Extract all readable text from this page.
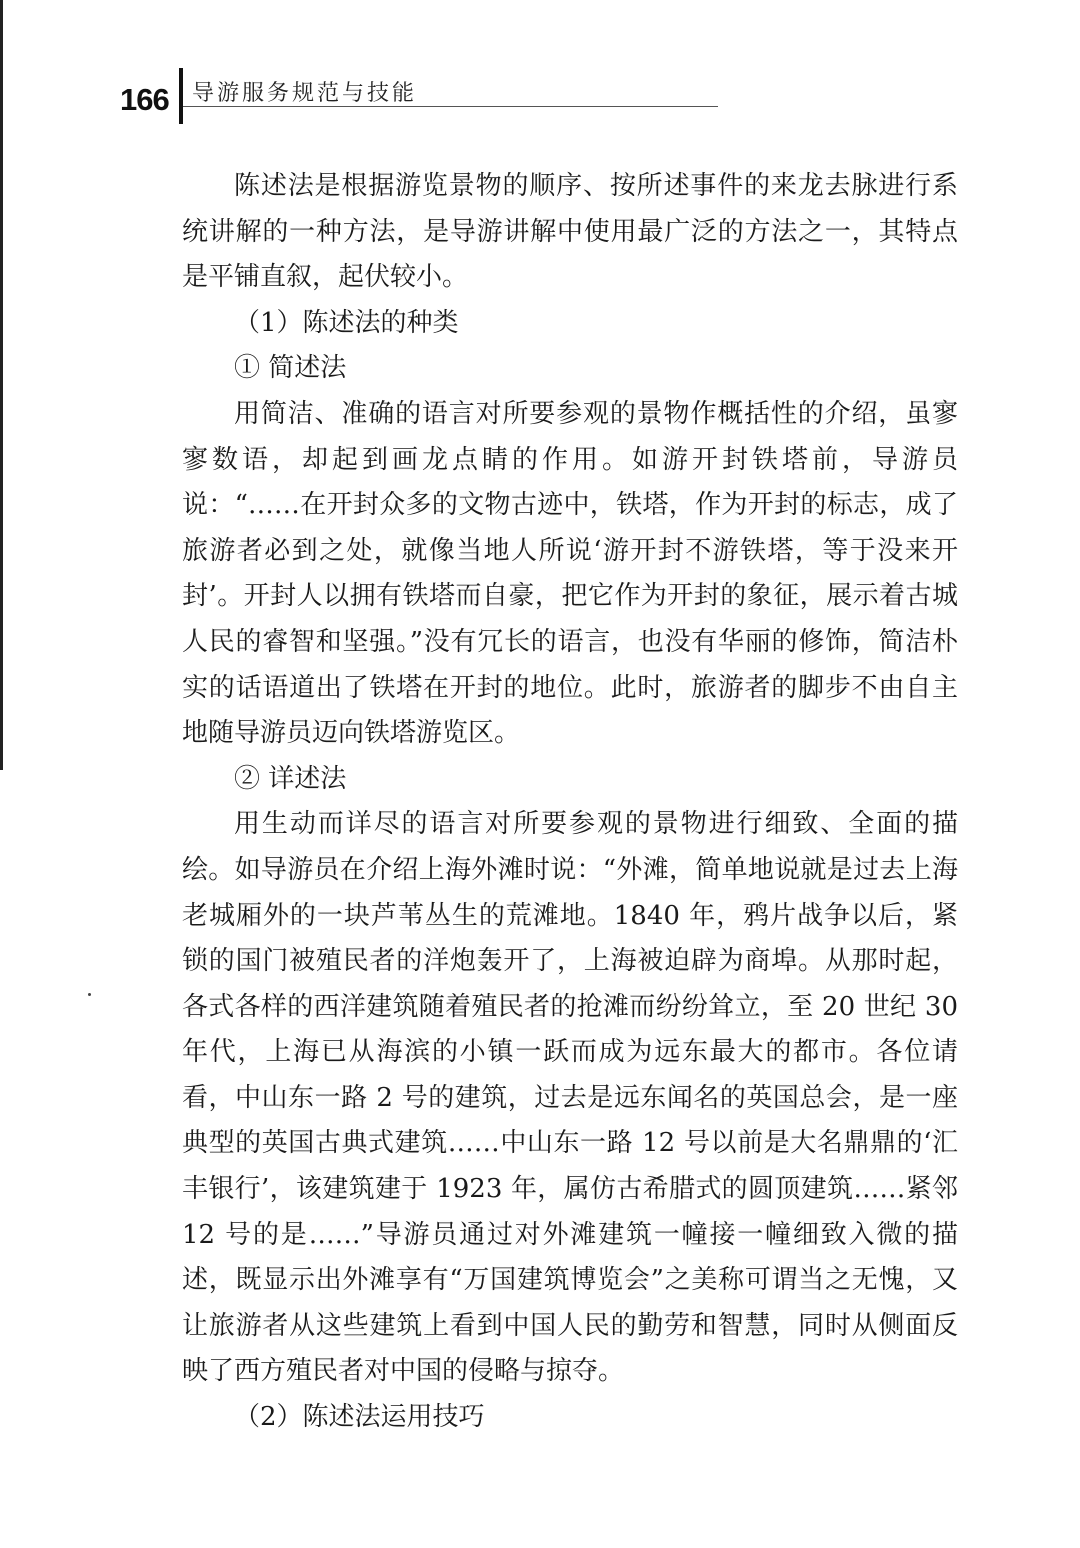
166 导游服务规范与技能

陈述法是根据游览景物的顺序、按所述事件的来龙去脉进行系统讲解的一种方法，是导游讲解中使用最广泛的方法之一，其特点是平铺直叙，起伏较小。

（1）陈述法的种类

① 简述法

用简洁、准确的语言对所要参观的景物作概括性的介绍，虽寥寥数语，却起到画龙点睛的作用。如游开封铁塔前，导游员说：“……在开封众多的文物古迹中，铁塔，作为开封的标志，成了旅游者必到之处，就像当地人所说‘游开封不游铁塔，等于没来开封’。开封人以拥有铁塔而自豪，把它作为开封的象征，展示着古城人民的睿智和坚强。”没有冗长的语言，也没有华丽的修饰，简洁朴实的话语道出了铁塔在开封的地位。此时，旅游者的脚步不由自主地随导游员迈向铁塔游览区。

② 详述法

用生动而详尽的语言对所要参观的景物进行细致、全面的描绘。如导游员在介绍上海外滩时说：“外滩，简单地说就是过去上海老城厢外的一块芦苇丛生的荒滩地。1840 年，鸦片战争以后，紧锁的国门被殖民者的洋炮轰开了，上海被迫辟为商埠。从那时起，各式各样的西洋建筑随着殖民者的抢滩而纷纷耸立，至 20 世纪 30 年代，上海已从海滨的小镇一跃而成为远东最大的都市。各位请看，中山东一路 2 号的建筑，过去是远东闻名的英国总会，是一座典型的英国古典式建筑……中山东一路 12 号以前是大名鼎鼎的‘汇丰银行’，该建筑建于 1923 年，属仿古希腊式的圆顶建筑……紧邻 12 号的是……”导游员通过对外滩建筑一幢接一幢细致入微的描述，既显示出外滩享有“万国建筑博览会”之美称可谓当之无愧，又让旅游者从这些建筑上看到中国人民的勤劳和智慧，同时从侧面反映了西方殖民者对中国的侵略与掠夺。

（2）陈述法运用技巧
